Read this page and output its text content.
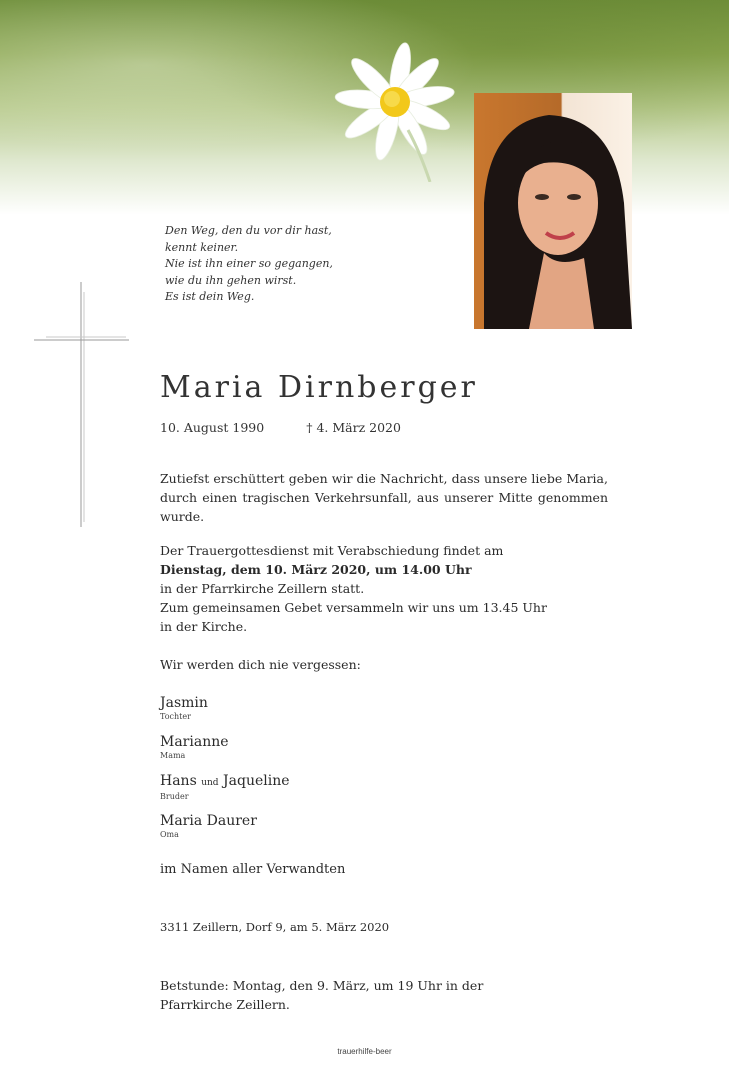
Den Weg, den du vor dir hast,
kennt keiner.
Nie ist ihn einer so gegangen,
wie du ihn gehen wirst.
Es ist dein Weg.
Maria Dirnberger
10. August 1990	† 4. März 2020
Zutiefst erschüttert geben wir die Nachricht, dass unsere liebe Maria, durch einen tragischen Verkehrsunfall, aus unserer Mitte genommen wurde.
Der Trauergottesdienst mit Verabschiedung findet am
Dienstag, dem 10. März 2020, um 14.00 Uhr
in der Pfarrkirche Zeillern statt.
Zum gemeinsamen Gebet versammeln wir uns um 13.45 Uhr
in der Kirche.
Wir werden dich nie vergessen:
Jasmin
Tochter
Marianne
Mama
Hans und Jaqueline
Bruder
Maria Daurer
Oma
im Namen aller Verwandten
3311 Zeillern, Dorf 9, am 5. März 2020
Betstunde: Montag, den 9. März, um 19 Uhr in der
Pfarrkirche Zeillern.
trauerhilfe-beer
